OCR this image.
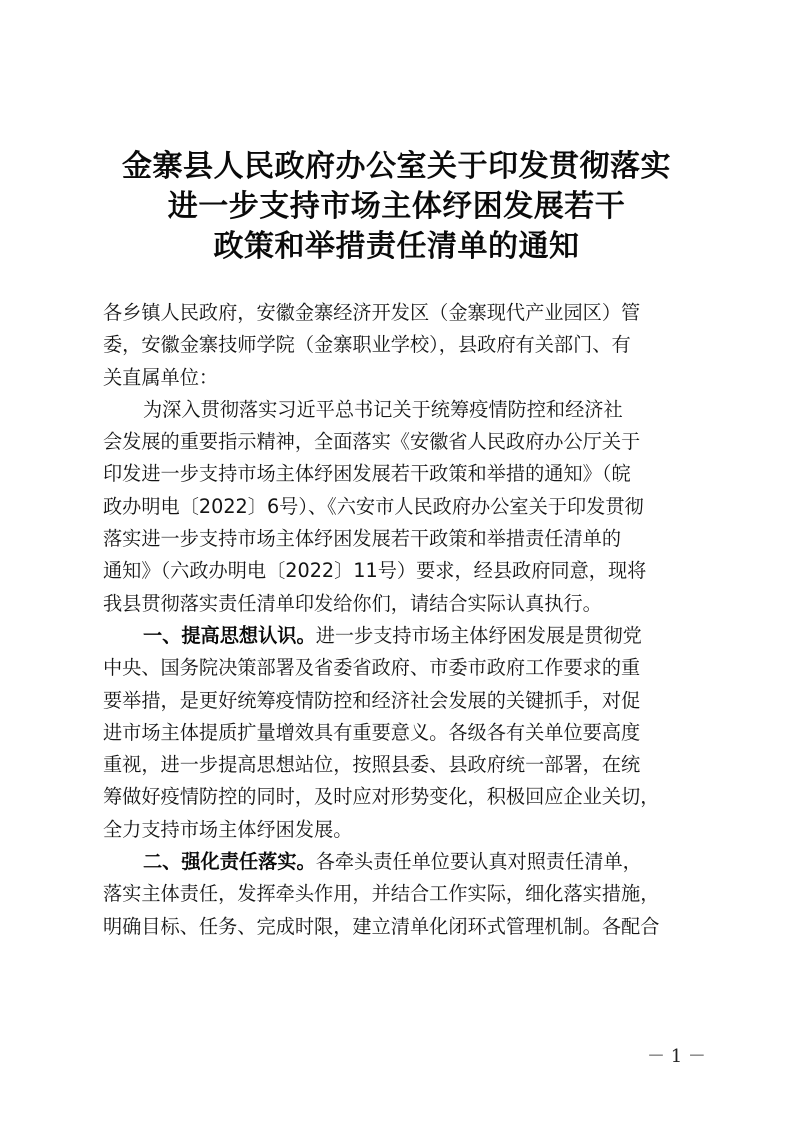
金寨县人民政府办公室关于印发贯彻落实
进一步支持市场主体纾困发展若干
政策和举措责任清单的通知
各乡镇人民政府，安徽金寨经济开发区（金寨现代产业园区）管
委，安徽金寨技师学院（金寨职业学校），县政府有关部门、有
关直属单位：
为深入贯彻落实习近平总书记关于统筹疫情防控和经济社
会发展的重要指示精神，全面落实《安徽省人民政府办公厅关于
印发进一步支持市场主体纾困发展若干政策和举措的通知》（皖
政办明电〔2022〕6号）、《六安市人民政府办公室关于印发贯彻
落实进一步支持市场主体纾困发展若干政策和举措责任清单的
通知》（六政办明电〔2022〕11号）要求，经县政府同意，现将
我县贯彻落实责任清单印发给你们，请结合实际认真执行。
一、提高思想认识。进一步支持市场主体纾困发展是贯彻党
中央、国务院决策部署及省委省政府、市委市政府工作要求的重
要举措，是更好统筹疫情防控和经济社会发展的关键抓手，对促
进市场主体提质扩量增效具有重要意义。各级各有关单位要高度
重视，进一步提高思想站位，按照县委、县政府统一部署，在统
筹做好疫情防控的同时，及时应对形势变化，积极回应企业关切，
全力支持市场主体纾困发展。
二、强化责任落实。各牵头责任单位要认真对照责任清单，
落实主体责任，发挥牵头作用，并结合工作实际，细化落实措施，
明确目标、任务、完成时限，建立清单化闭环式管理机制。各配合
－ 1 －
